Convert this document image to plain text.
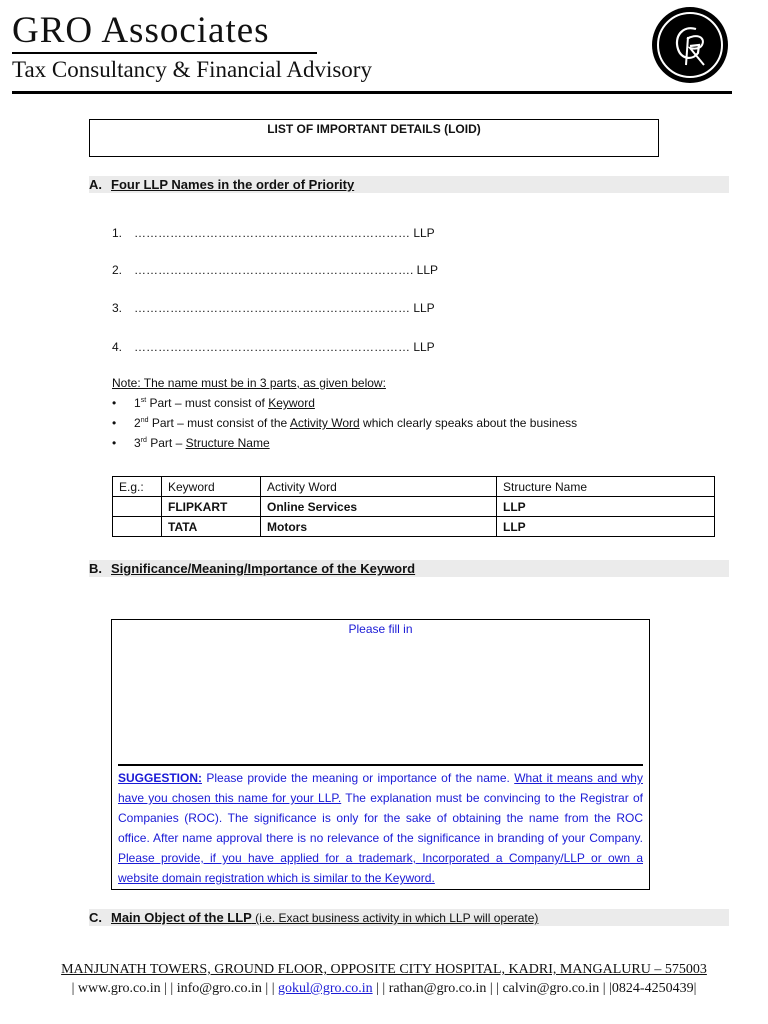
GRO Associates
Tax Consultancy & Financial Advisory
LIST OF IMPORTANT DETAILS (LOID)
A. Four LLP Names in the order of Priority
1. …………………………………………………………… LLP
2. ……………………………………………………………. LLP
3. …………………………………………………………… LLP
4. …………………………………………………………… LLP
Note: The name must be in 3 parts, as given below:
• 1st Part – must consist of Keyword
• 2nd Part – must consist of the Activity Word which clearly speaks about the business
• 3rd Part – Structure Name
E.g.:	Keyword	Activity Word	Structure Name
	FLIPKART	Online Services	LLP
	TATA	Motors	LLP
B. Significance/Meaning/Importance of the Keyword
Please fill in
SUGGESTION: Please provide the meaning or importance of the name. What it means and why have you chosen this name for your LLP. The explanation must be convincing to the Registrar of Companies (ROC). The significance is only for the sake of obtaining the name from the ROC office. After name approval there is no relevance of the significance in branding of your Company. Please provide, if you have applied for a trademark, Incorporated a Company/LLP or own a website domain registration which is similar to the Keyword.
C. Main Object of the LLP (i.e. Exact business activity in which LLP will operate)
MANJUNATH TOWERS, GROUND FLOOR, OPPOSITE CITY HOSPITAL, KADRI, MANGALURU – 575003
| www.gro.co.in | | info@gro.co.in | | gokul@gro.co.in | | rathan@gro.co.in | | calvin@gro.co.in | |0824-4250439|
